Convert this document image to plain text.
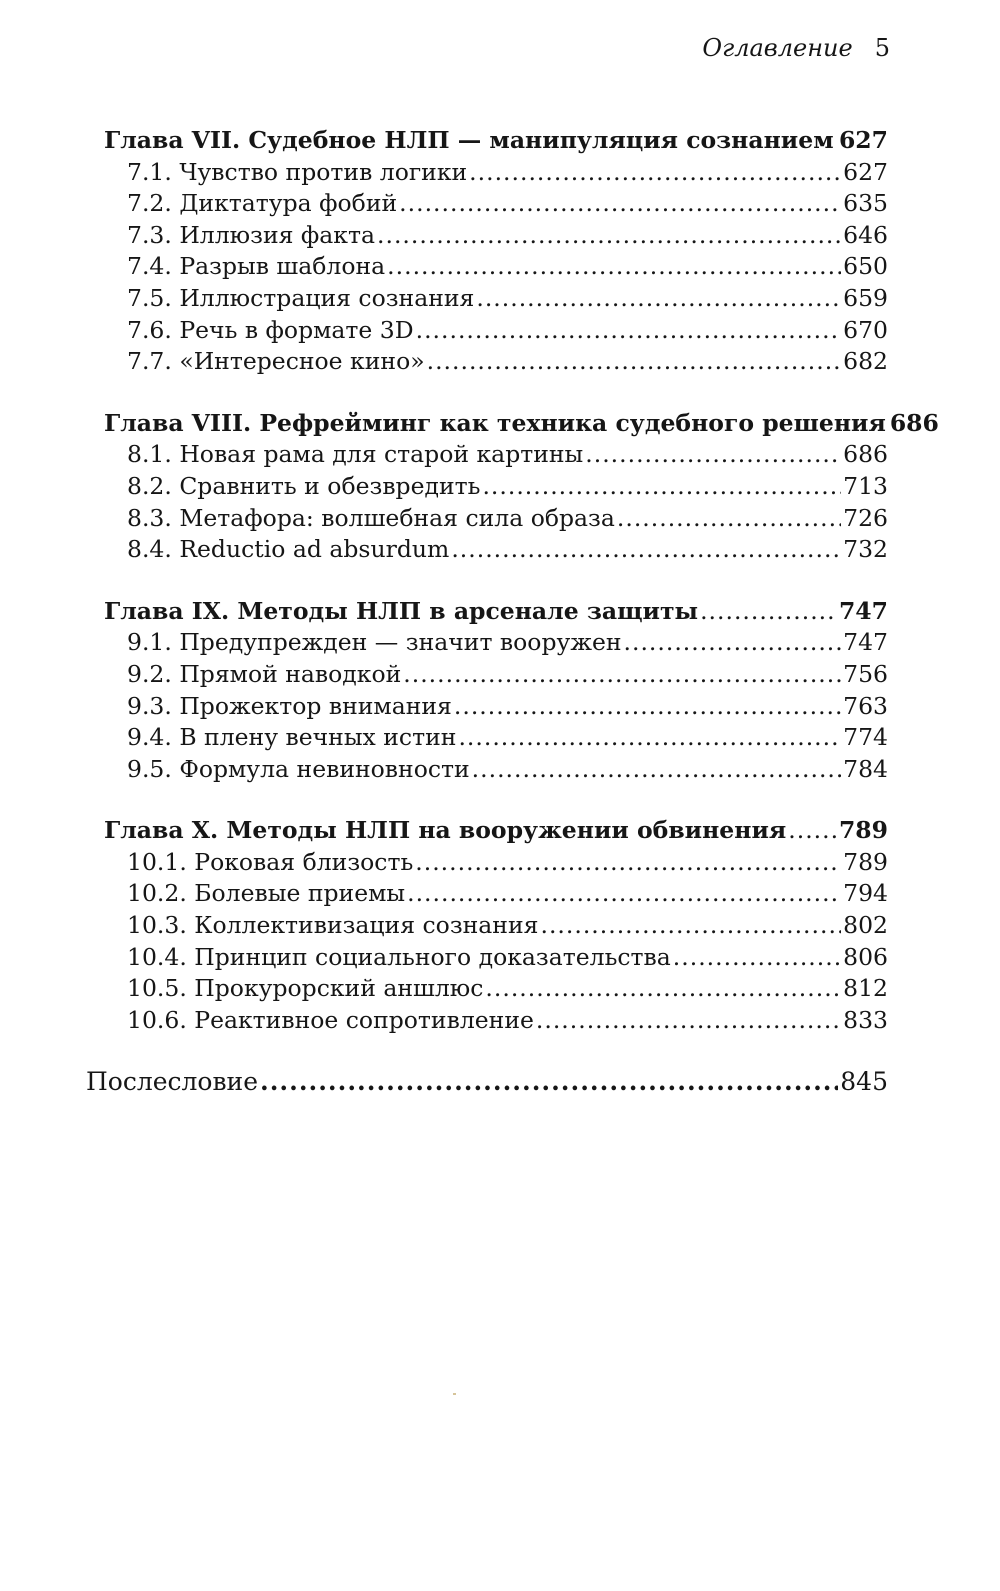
Оглавление 5
Глава VII. Судебное НЛП — манипуляция сознанием ..... 627
7.1. Чувство против логики .....	627
7.2. Диктатура фобий .....	635
7.3. Иллюзия факта .....	646
7.4. Разрыв шаблона .....	650
7.5. Иллюстрация сознания .....	659
7.6. Речь в формате 3D .....	670
7.7. «Интересное кино» .....	682
Глава VIII. Рефрейминг как техника судебного решения 686
8.1. Новая рама для старой картины .....	686
8.2. Сравнить и обезвредить .....	713
8.3. Метафора: волшебная сила образа .....	726
8.4. Reductio ad absurdum .....	732
Глава IX. Методы НЛП в арсенале защиты .....	747
9.1. Предупрежден — значит вооружен .....	747
9.2. Прямой наводкой .....	756
9.3. Прожектор внимания .....	763
9.4. В плену вечных истин .....	774
9.5. Формула невиновности .....	784
Глава X. Методы НЛП на вооружении обвинения ..... 789
10.1. Роковая близость .....	789
10.2. Болевые приемы .....	794
10.3. Коллективизация сознания .....	802
10.4. Принцип социального доказательства .....	806
10.5. Прокурорский аншлюс .....	812
10.6. Реактивное сопротивление .....	833
Послесловие .....	845
